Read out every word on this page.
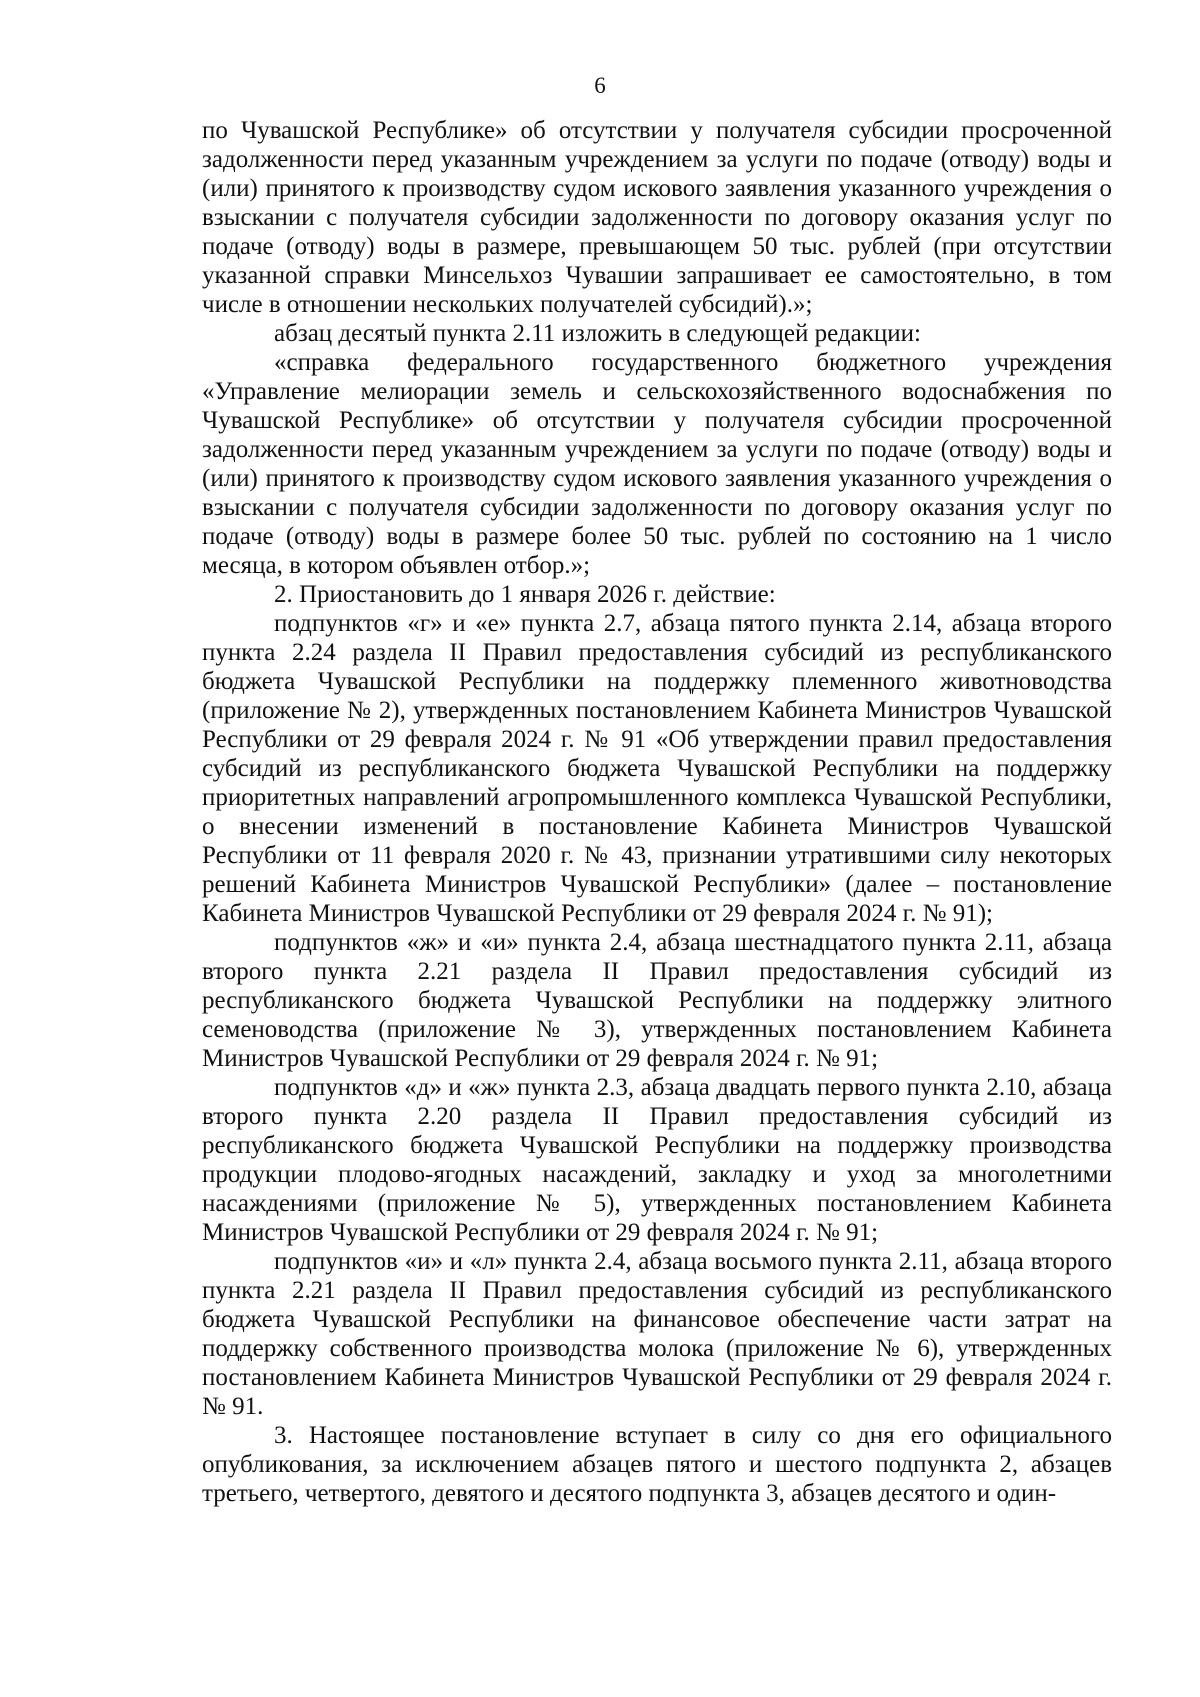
6

по Чувашской Республике» об отсутствии у получателя субсидии просроченной задолженности перед указанным учреждением за услуги по подаче (отводу) воды и (или) принятого к производству судом искового заявления указанного учреждения о взыскании с получателя субсидии задолженности по договору оказания услуг по подаче (отводу) воды в размере, превышающем 50 тыс. рублей (при отсутствии указанной справки Минсельхоз Чувашии запрашивает ее самостоятельно, в том числе в отношении нескольких получателей субсидий).»;

абзац десятый пункта 2.11 изложить в следующей редакции:

«справка федерального государственного бюджетного учреждения «Управление мелиорации земель и сельскохозяйственного водоснабжения по Чувашской Республике» об отсутствии у получателя субсидии просроченной задолженности перед указанным учреждением за услуги по подаче (отводу) воды и (или) принятого к производству судом искового заявления указанного учреждения о взыскании с получателя субсидии задолженности по договору оказания услуг по подаче (отводу) воды в размере более 50 тыс. рублей по состоянию на 1 число месяца, в котором объявлен отбор.»;

2. Приостановить до 1 января 2026 г. действие:

подпунктов «г» и «е» пункта 2.7, абзаца пятого пункта 2.14, абзаца второго пункта 2.24 раздела II Правил предоставления субсидий из республиканского бюджета Чувашской Республики на поддержку племенного животноводства (приложение № 2), утвержденных постановлением Кабинета Министров Чувашской Республики от 29 февраля 2024 г. № 91 «Об утверждении правил предоставления субсидий из республиканского бюджета Чувашской Республики на поддержку приоритетных направлений агропромышленного комплекса Чувашской Республики, о внесении изменений в постановление Кабинета Министров Чувашской Республики от 11 февраля 2020 г. № 43, признании утратившими силу некоторых решений Кабинета Министров Чувашской Республики» (далее – постановление Кабинета Министров Чувашской Республики от 29 февраля 2024 г. № 91);

подпунктов «ж» и «и» пункта 2.4, абзаца шестнадцатого пункта 2.11, абзаца второго пункта 2.21 раздела II Правил предоставления субсидий из республиканского бюджета Чувашской Республики на поддержку элитного семеноводства (приложение № 3), утвержденных постановлением Кабинета Министров Чувашской Республики от 29 февраля 2024 г. № 91;

подпунктов «д» и «ж» пункта 2.3, абзаца двадцать первого пункта 2.10, абзаца второго пункта 2.20 раздела II Правил предоставления субсидий из республиканского бюджета Чувашской Республики на поддержку производства продукции плодово-ягодных насаждений, закладку и уход за многолетними насаждениями (приложение № 5), утвержденных постановлением Кабинета Министров Чувашской Республики от 29 февраля 2024 г. № 91;

подпунктов «и» и «л» пункта 2.4, абзаца восьмого пункта 2.11, абзаца второго пункта 2.21 раздела II Правил предоставления субсидий из республиканского бюджета Чувашской Республики на финансовое обеспечение части затрат на поддержку собственного производства молока (приложение № 6), утвержденных постановлением Кабинета Министров Чувашской Республики от 29 февраля 2024 г. № 91.

3. Настоящее постановление вступает в силу со дня его официального опубликования, за исключением абзацев пятого и шестого подпункта 2, абзацев третьего, четвертого, девятого и десятого подпункта 3, абзацев десятого и один-
